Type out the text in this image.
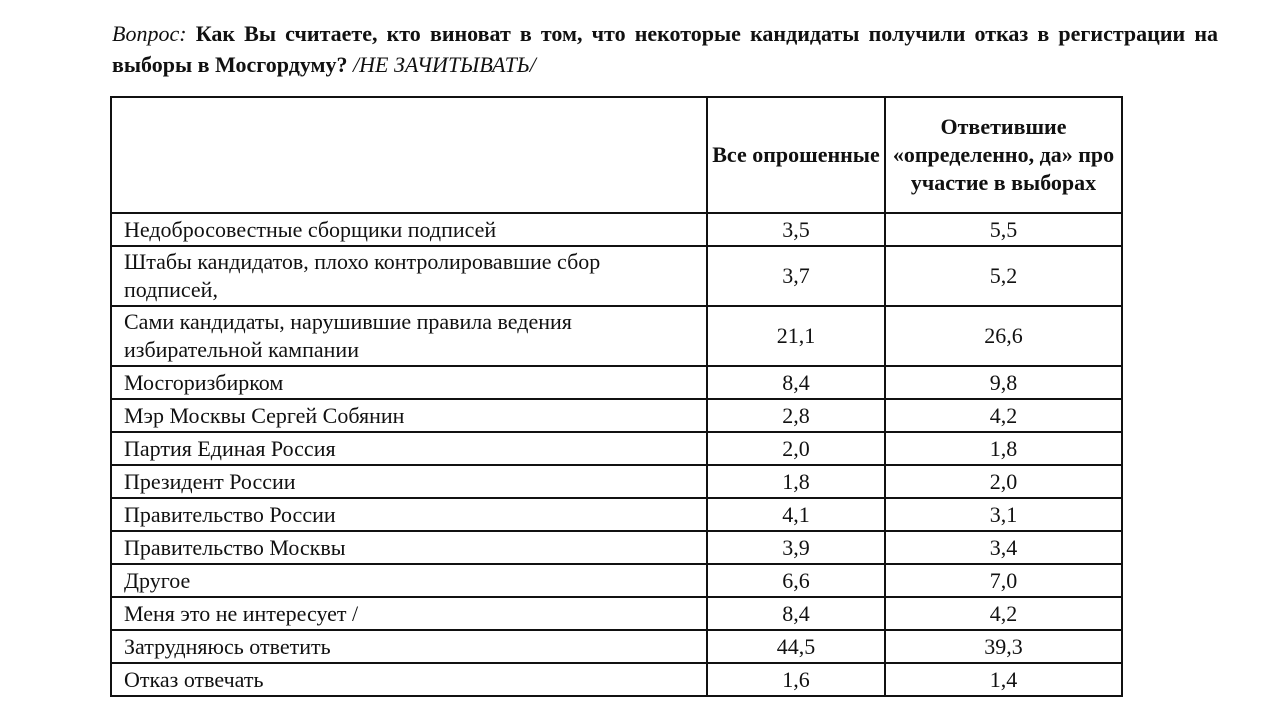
Вопрос: Как Вы считаете, кто виноват в том, что некоторые кандидаты получили отказ в регистрации на выборы в Мосгордуму? /НЕ ЗАЧИТЫВАТЬ/
	Все опрошенные	Ответившие «определенно, да» про участие в выборах
Недобросовестные сборщики подписей	3,5	5,5
Штабы кандидатов, плохо контролировавшие сбор подписей,	3,7	5,2
Сами кандидаты, нарушившие правила ведения избирательной кампании	21,1	26,6
Мосгоризбирком	8,4	9,8
Мэр Москвы Сергей Собянин	2,8	4,2
Партия Единая Россия	2,0	1,8
Президент России	1,8	2,0
Правительство России	4,1	3,1
Правительство Москвы	3,9	3,4
Другое	6,6	7,0
Меня это не интересует /	8,4	4,2
Затрудняюсь ответить	44,5	39,3
Отказ отвечать	1,6	1,4
